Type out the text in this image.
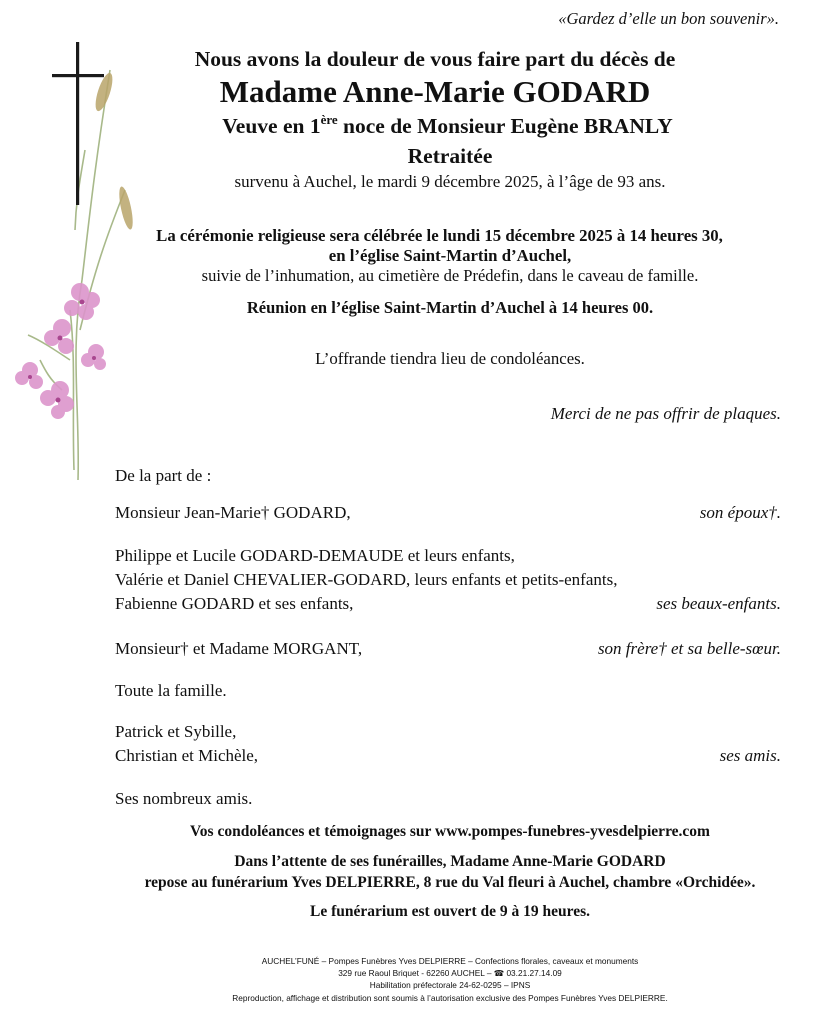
«Gardez d’elle un bon souvenir».
Nous avons la douleur de vous faire part du décès de
Madame Anne-Marie GODARD
Veuve en 1ère noce de Monsieur Eugène BRANLY
Retraitée
survenu à Auchel, le mardi 9 décembre 2025, à l’âge de 93 ans.
La cérémonie religieuse sera célébrée le lundi 15 décembre 2025 à 14 heures 30,
en l’église Saint-Martin d’Auchel,
suivie de l’inhumation, au cimetière de Prédefin, dans le caveau de famille.
Réunion en l’église Saint-Martin d’Auchel à 14 heures 00.
L’offrande tiendra lieu de condoléances.
Merci de ne pas offrir de plaques.
De la part de :
Monsieur Jean-Marie† GODARD,	son époux†.
Philippe et Lucile GODARD-DEMAUDE et leurs enfants,
Valérie et Daniel CHEVALIER-GODARD, leurs enfants et petits-enfants,
Fabienne GODARD et ses enfants,	ses beaux-enfants.
Monsieur† et Madame MORGANT,	son frère† et sa belle-sœur.
Toute la famille.
Patrick et Sybille,
Christian et Michèle,	ses amis.
Ses nombreux amis.
Vos condoléances et témoignages sur www.pompes-funebres-yvesdelpierre.com
Dans l’attente de ses funérailles, Madame Anne-Marie GODARD
repose au funérarium Yves DELPIERRE, 8 rue du Val fleuri à Auchel, chambre «Orchidée».
Le funérarium est ouvert de 9 à 19 heures.
AUCHEL’FUNÉ – Pompes Funèbres Yves DELPIERRE – Confections florales, caveaux et monuments
329 rue Raoul Briquet - 62260 AUCHEL – ☎ 03.21.27.14.09
Habilitation préfectorale 24-62-0295 – IPNS
Reproduction, affichage et distribution sont soumis à l’autorisation exclusive des Pompes Funèbres Yves DELPIERRE.
